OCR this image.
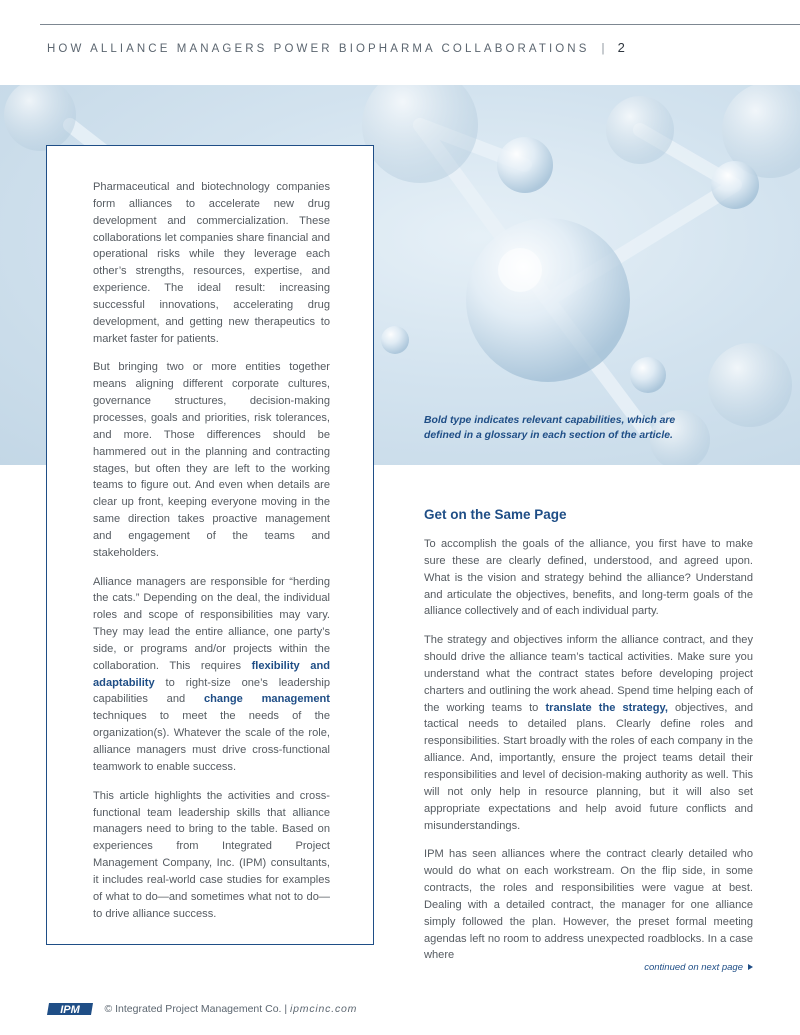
HOW ALLIANCE MANAGERS POWER BIOPHARMA COLLABORATIONS | 2
Bold type indicates relevant capabilities, which are defined in a glossary in each section of the article.

Pharmaceutical and biotechnology companies form alliances to accelerate new drug development and commercialization. These collaborations let companies share financial and operational risks while they leverage each other’s strengths, resources, expertise, and experience. The ideal result: increasing successful innovations, accelerating drug development, and getting new therapeutics to market faster for patients.

But bringing two or more entities together means aligning different corporate cultures, governance structures, decision-making processes, goals and priorities, risk tolerances, and more. Those differences should be hammered out in the planning and contracting stages, but often they are left to the working teams to figure out. And even when details are clear up front, keeping everyone moving in the same direction takes proactive management and engagement of the teams and stakeholders.

Alliance managers are responsible for “herding the cats.” Depending on the deal, the individual roles and scope of responsibilities may vary. They may lead the entire alliance, one party’s side, or programs and/or projects within the collaboration. This requires flexibility and adaptability to right-size one’s leadership capabilities and change management techniques to meet the needs of the organization(s). Whatever the scale of the role, alliance managers must drive cross-functional teamwork to enable success.

This article highlights the activities and cross-functional team leadership skills that alliance managers need to bring to the table. Based on experiences from Integrated Project Management Company, Inc. (IPM) consultants, it includes real-world case studies for examples of what to do—and sometimes what not to do—to drive alliance success.

Get on the Same Page

To accomplish the goals of the alliance, you first have to make sure these are clearly defined, understood, and agreed upon. What is the vision and strategy behind the alliance? Understand and articulate the objectives, benefits, and long-term goals of the alliance collectively and of each individual party.

The strategy and objectives inform the alliance contract, and they should drive the alliance team’s tactical activities. Make sure you understand what the contract states before developing project charters and outlining the work ahead. Spend time helping each of the working teams to translate the strategy, objectives, and tactical needs to detailed plans. Clearly define roles and responsibilities. Start broadly with the roles of each company in the alliance. And, importantly, ensure the project teams detail their responsibilities and level of decision-making authority as well. This will not only help in resource planning, but it will also set appropriate expectations and help avoid future conflicts and misunderstandings.

IPM has seen alliances where the contract clearly detailed who would do what on each workstream. On the flip side, in some contracts, the roles and responsibilities were vague at best. Dealing with a detailed contract, the manager for one alliance simply followed the plan. However, the preset formal meeting agendas left no room to address unexpected roadblocks. In a case where

continued on next page
IPM © Integrated Project Management Co. | ipmcinc.com
